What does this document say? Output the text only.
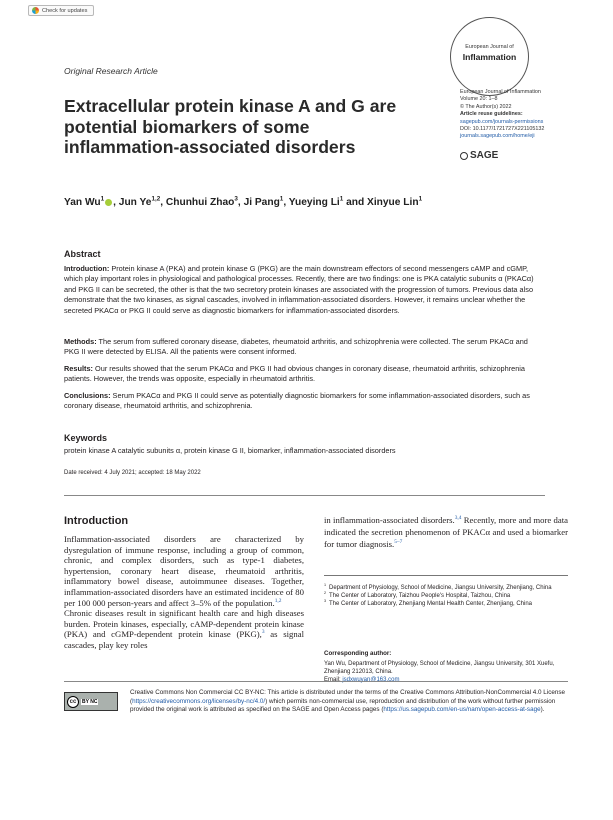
Check for updates
European Journal of
Inflammation
Original Research Article
Extracellular protein kinase A and G are potential biomarkers of some inflammation-associated disorders
European Journal of Inflammation
Volume 20: 1–8
© The Author(s) 2022
Article reuse guidelines:
sagepub.com/journals-permissions
DOI: 10.1177/1721727X221105132
journals.sagepub.com/home/eji
SAGE
Yan Wu$^1$ , Jun Ye$^{1,2}$, Chunhui Zhao$^3$, Ji Pang$^1$, Yueying Li$^1$ and Xinyue Lin$^1$
Abstract
Introduction: Protein kinase A (PKA) and protein kinase G (PKG) are the main downstream effectors of second messengers cAMP and cGMP, which play important roles in physiological and pathological processes. Recently, there are two findings: one is PKA catalytic subunits α (PKACα) and PKG II can be secreted, the other is that the two secretory protein kinases are associated with the progression of tumors. Previous data also demonstrate that the two kinases, as signal cascades, involved in inflammation-associated disorders. However, it remains unclear whether the secreted PKACα or PKG II could serve as diagnostic biomarkers for inflammation-associated disorders.
Methods: The serum from suffered coronary disease, diabetes, rheumatoid arthritis, and schizophrenia were collected. The serum PKACα and PKG II were detected by ELISA. All the patients were consent informed.
Results: Our results showed that the serum PKACα and PKG II had obvious changes in coronary disease, rheumatoid arthritis, schizophrenia patients. However, the trends was opposite, especially in rheumatoid arthritis.
Conclusions: Serum PKACα and PKG II could serve as potentially diagnostic biomarkers for some inflammation-associated disorders, such as coronary disease, rheumatoid arthritis, and schizophrenia.
Keywords
protein kinase A catalytic subunits α, protein kinase G II, biomarker, inflammation-associated disorders
Date received: 4 July 2021; accepted: 18 May 2022
Introduction
Inflammation-associated disorders are characterized by dysregulation of immune response, including a group of common, chronic, and complex disorders, such as type-1 diabetes, hypertension, coronary heart disease, rheumatoid arthritis, inflammatory bowel disease, autoimmunee diseases. Together, inflammation-associated disorders have an estimated incidence of 80 per 100 000 person-years and affect 3–5% of the population.$^{1,2}$
Chronic diseases result in significant health care and high diseases burden. Protein kinases, especially, cAMP-dependent protein kinase (PKA) and cGMP-dependent protein kinase (PKG),$^3$ as signal cascades, play key roles
in inflammation-associated disorders.$^{3,4}$ Recently, more and more data indicated the secretion phenomenon of PKACα and used a biomarker for tumor diagnosis.$^{5-7}$
$^1$ Department of Physiology, School of Medicine, Jiangsu University, Zhenjiang, China
$^2$ The Center of Laboratory, Taizhou People's Hospital, Taizhou, China
$^3$ The Center of Laboratory, Zhenjiang Mental Health Center, Zhenjiang, China
Corresponding author:
Yan Wu, Department of Physiology, School of Medicine, Jiangsu University, 301 Xuefu, Zhenjiang 212013, China.
Email: jsdxwuyan@163.com
cc	BY NC
Creative Commons Non Commercial CC BY-NC: This article is distributed under the terms of the Creative Commons Attribution-NonCommercial 4.0 License (https://creativecommons.org/licenses/by-nc/4.0/) which permits non-commercial use, reproduction and distribution of the work without further permission provided the original work is attributed as specified on the SAGE and Open Access pages (https://us.sagepub.com/en-us/nam/open-access-at-sage).
